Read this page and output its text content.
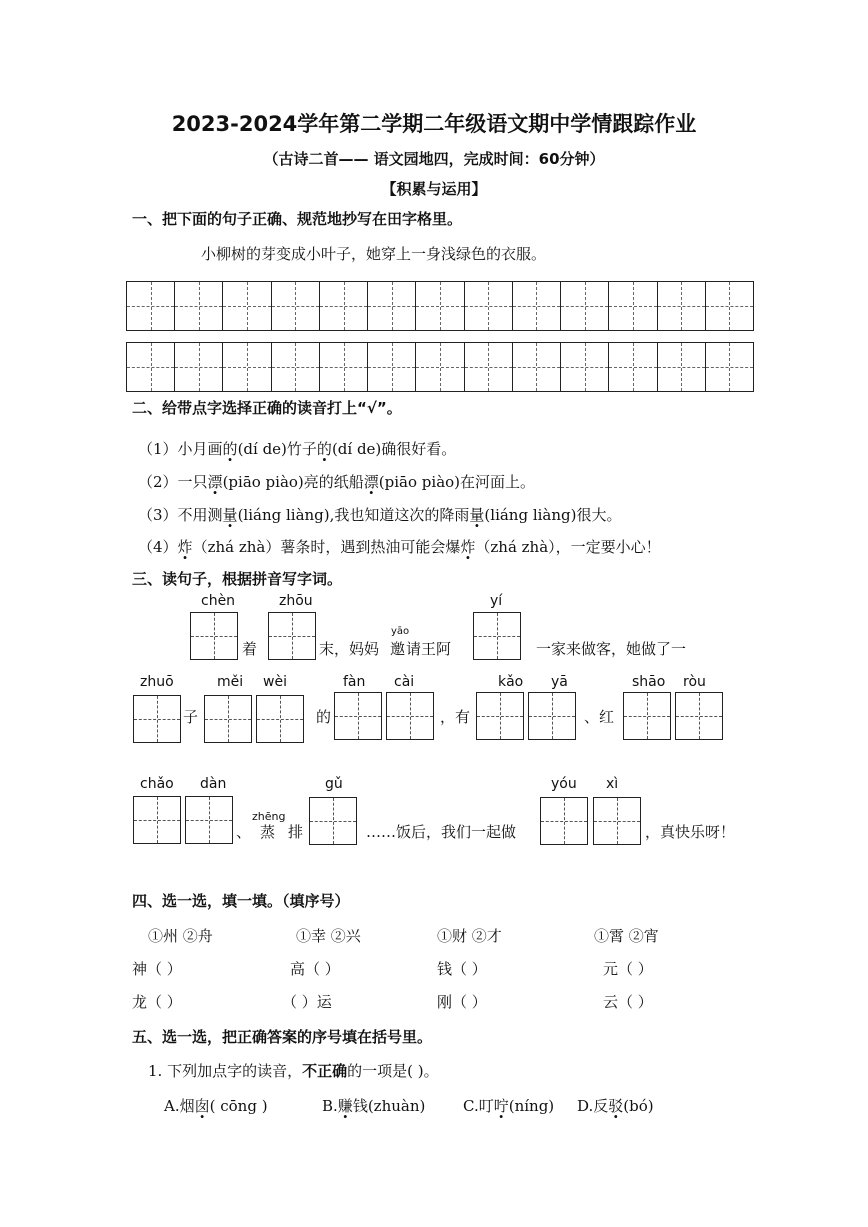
2023-2024学年第二学期二年级语文期中学情跟踪作业
（古诗二首—— 语文园地四，完成时间：60分钟）
【积累与运用】
一、把下面的句子正确、规范地抄写在田字格里。
小柳树的芽变成小叶子，她穿上一身浅绿色的衣服。
二、给带点字选择正确的读音打上“√”。
（1）小月画的(dí de)竹子的(dí de)确很好看。
（2）一只漂(piāo piào)亮的纸船漂(piāo piào)在河面上。
（3）不用测量(liáng liàng),我也知道这次的降雨量(liáng liàng)很大。
（4）炸（zhá zhà）薯条时，遇到热油可能会爆炸（zhá zhà），一定要小心！
三、读句子，根据拼音写字词。
chèn
着
zhōu
末，妈妈
yāo
邀 请王阿
yí
一家来做客，她做了一
zhuō
子
měi wèi
的
fàn cài
，有
kǎo yā
、红
shāo ròu
chǎo dàn
、
zhēng
蒸 排
gǔ
……饭后，我们一起做
yóu xì
，真快乐呀！
四、选一选，填一填。（填序号）
①州 ②舟	①幸 ②兴	①财 ②才	①霄 ②宵
神（ ）	高（ ）	钱（ ）	元（ ）
龙（ ）	（ ）运	刚（ ）	云（ ）
五、选一选，把正确答案的序号填在括号里。
1. 下列加点字的读音，不正确的一项是( )。
A.烟囱( cōng )	B.赚钱(zhuàn)	C.叮咛(níng) D.反驳(bó)
